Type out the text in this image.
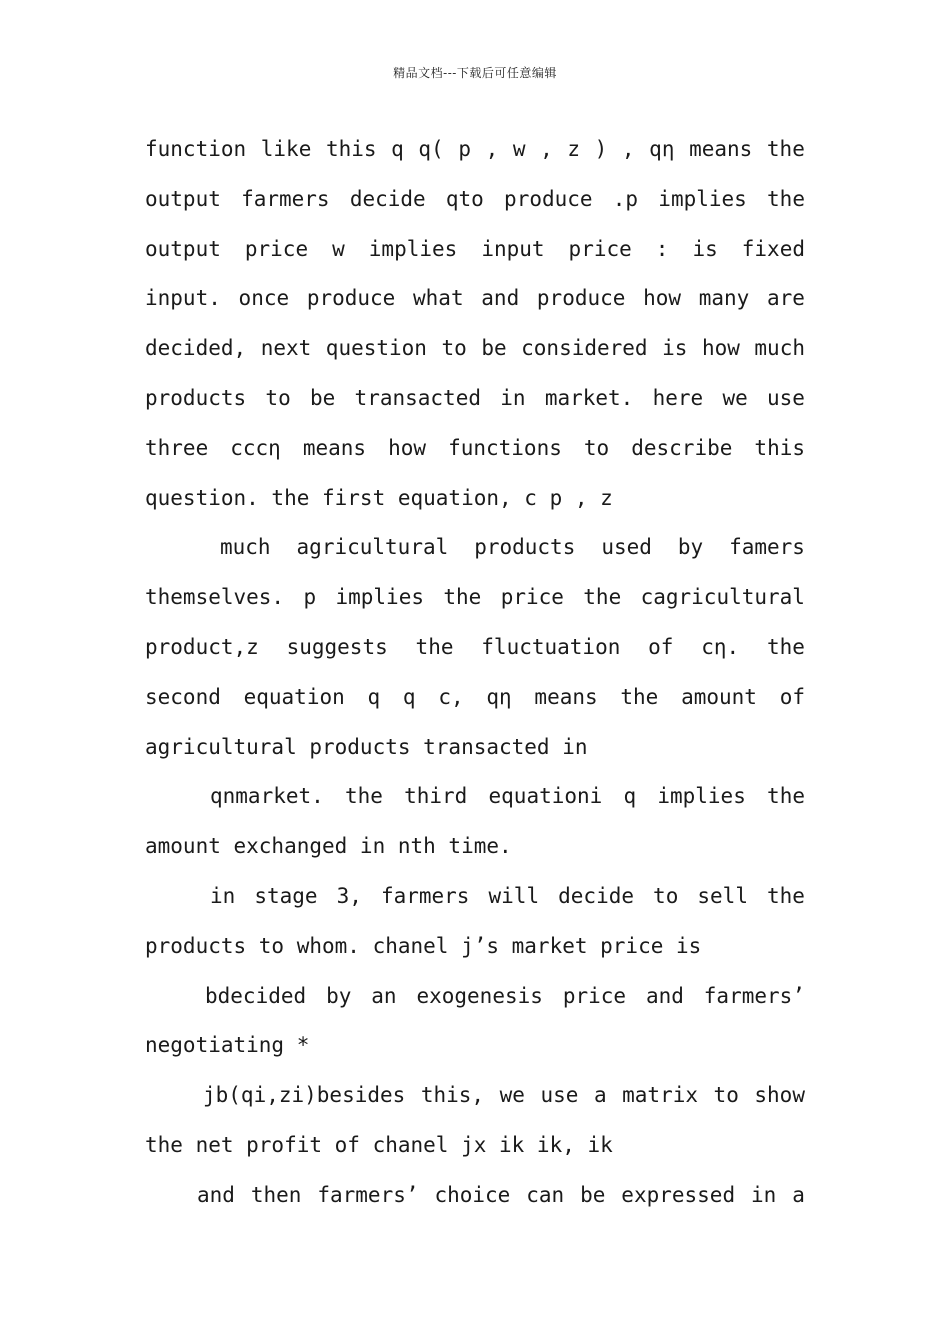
精品文档---下载后可任意编辑
function like this q q( p , w , z ) , qη means the
output farmers decide qto produce .p implies the
output price w implies input price : is fixed
input. once produce what and produce how many are
decided, next question to be considered is how much
products to be transacted in market. here we use
three cccη means how functions to describe this
question. the first equation, c p , z
much agricultural products used by famers
themselves. p implies the price the cagricultural
product,z suggests the fluctuation of cη. the
second equation q q c, qη means the amount of
agricultural products transacted in
qnmarket. the third equationi q implies the
amount exchanged in nth time.
in stage 3, farmers will decide to sell the
products to whom. chanel j’s market price is
bdecided by an exogenesis price and farmers’
negotiating *
jb(qi,zi)besides this, we use a matrix to show
the net profit of chanel jx ik ik, ik
and then farmers’ choice can be expressed in a
